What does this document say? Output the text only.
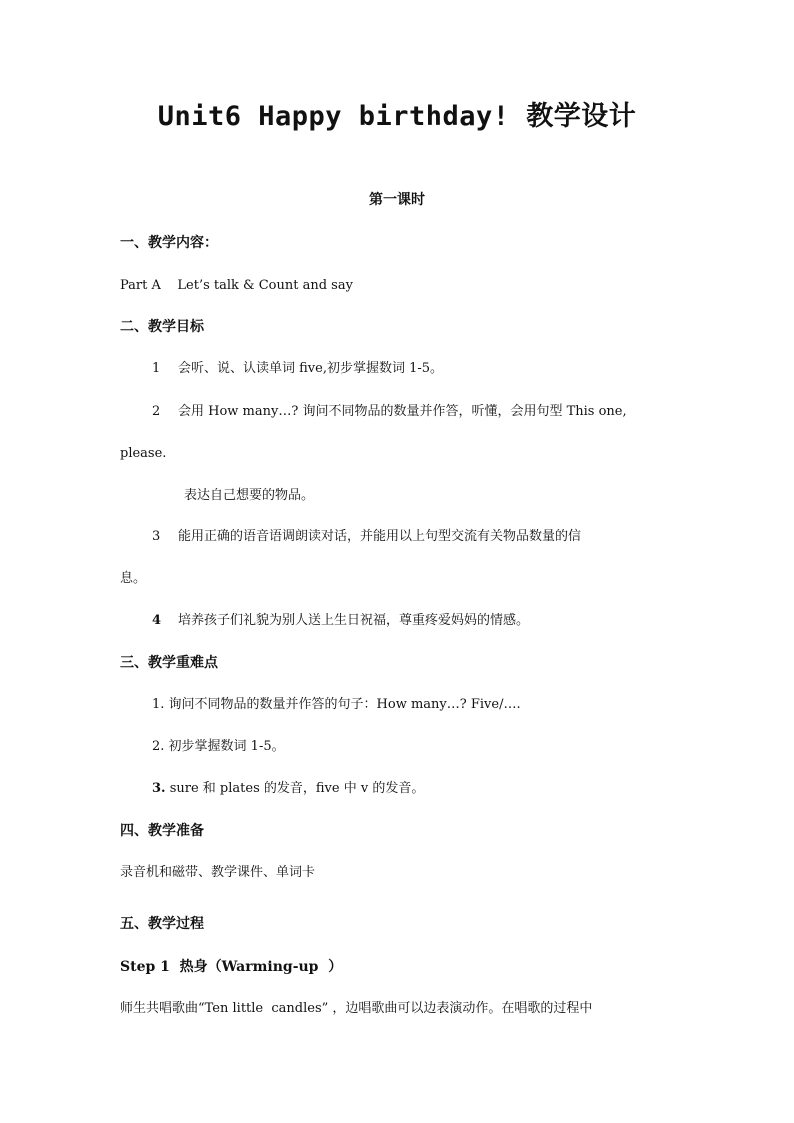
Unit6 Happy birthday! 教学设计
第一课时
一、教学内容：
Part A    Let’s talk & Count and say
二、教学目标
1 会听、说、认读单词 five,初步掌握数词 1-5。
2 会用 How many…? 询问不同物品的数量并作答，听懂，会用句型 This one,
please.
表达自己想要的物品。
3 能用正确的语音语调朗读对话，并能用以上句型交流有关物品数量的信
息。
4 培养孩子们礼貌为别人送上生日祝福，尊重疼爱妈妈的情感。
三、教学重难点
1. 询问不同物品的数量并作答的句子：How many…? Five/….
2. 初步掌握数词 1-5。
3. sure 和 plates 的发音，five 中 v 的发音。
四、教学准备
录音机和磁带、教学课件、单词卡
五、教学过程
Step 1  热身（Warming-up  ）
师生共唱歌曲“Ten little  candles” ，边唱歌曲可以边表演动作。在唱歌的过程中
